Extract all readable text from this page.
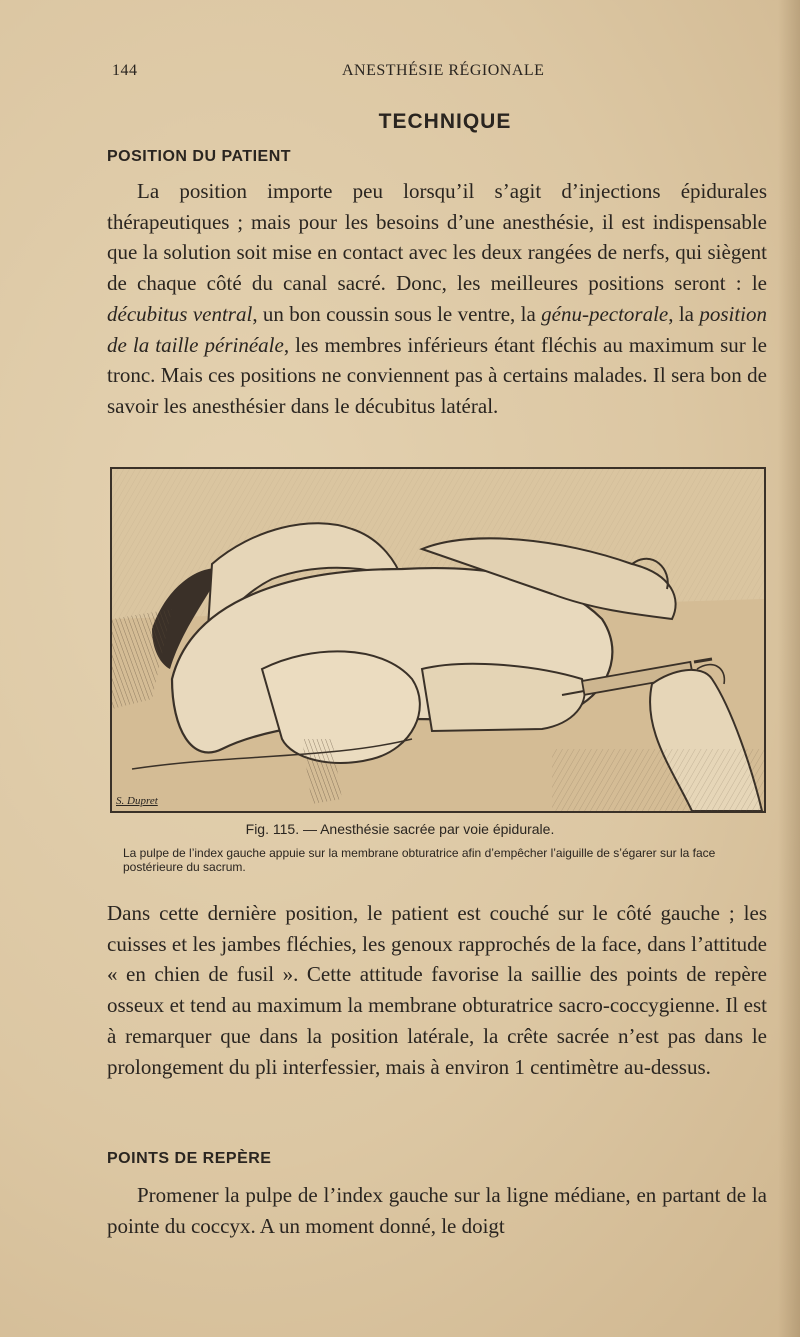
144	ANESTHÉSIE RÉGIONALE
TECHNIQUE
POSITION DU PATIENT
La position importe peu lorsqu’il s’agit d’injections épidurales thérapeutiques ; mais pour les besoins d’une anesthésie, il est indispensable que la solution soit mise en contact avec les deux rangées de nerfs, qui siègent de chaque côté du canal sacré. Donc, les meilleures positions seront : le décubitus ventral, un bon coussin sous le ventre, la génu-pectorale, la position de la taille périnéale, les membres inférieurs étant fléchis au maximum sur le tronc. Mais ces positions ne conviennent pas à certains malades. Il sera bon de savoir les anesthésier dans le décubitus latéral.
S. Dupret
Fig. 115. — Anesthésie sacrée par voie épidurale.
La pulpe de l’index gauche appuie sur la membrane obturatrice afin d’empêcher l’aiguille de s’égarer sur la face postérieure du sacrum.
Dans cette dernière position, le patient est couché sur le côté gauche ; les cuisses et les jambes fléchies, les genoux rapprochés de la face, dans l’attitude « en chien de fusil ». Cette attitude favorise la saillie des points de repère osseux et tend au maximum la membrane obturatrice sacro-coccygienne. Il est à remarquer que dans la position latérale, la crête sacrée n’est pas dans le prolongement du pli interfessier, mais à environ 1 centimètre au-dessus.
POINTS DE REPÈRE
Promener la pulpe de l’index gauche sur la ligne médiane, en partant de la pointe du coccyx. A un moment donné, le doigt
